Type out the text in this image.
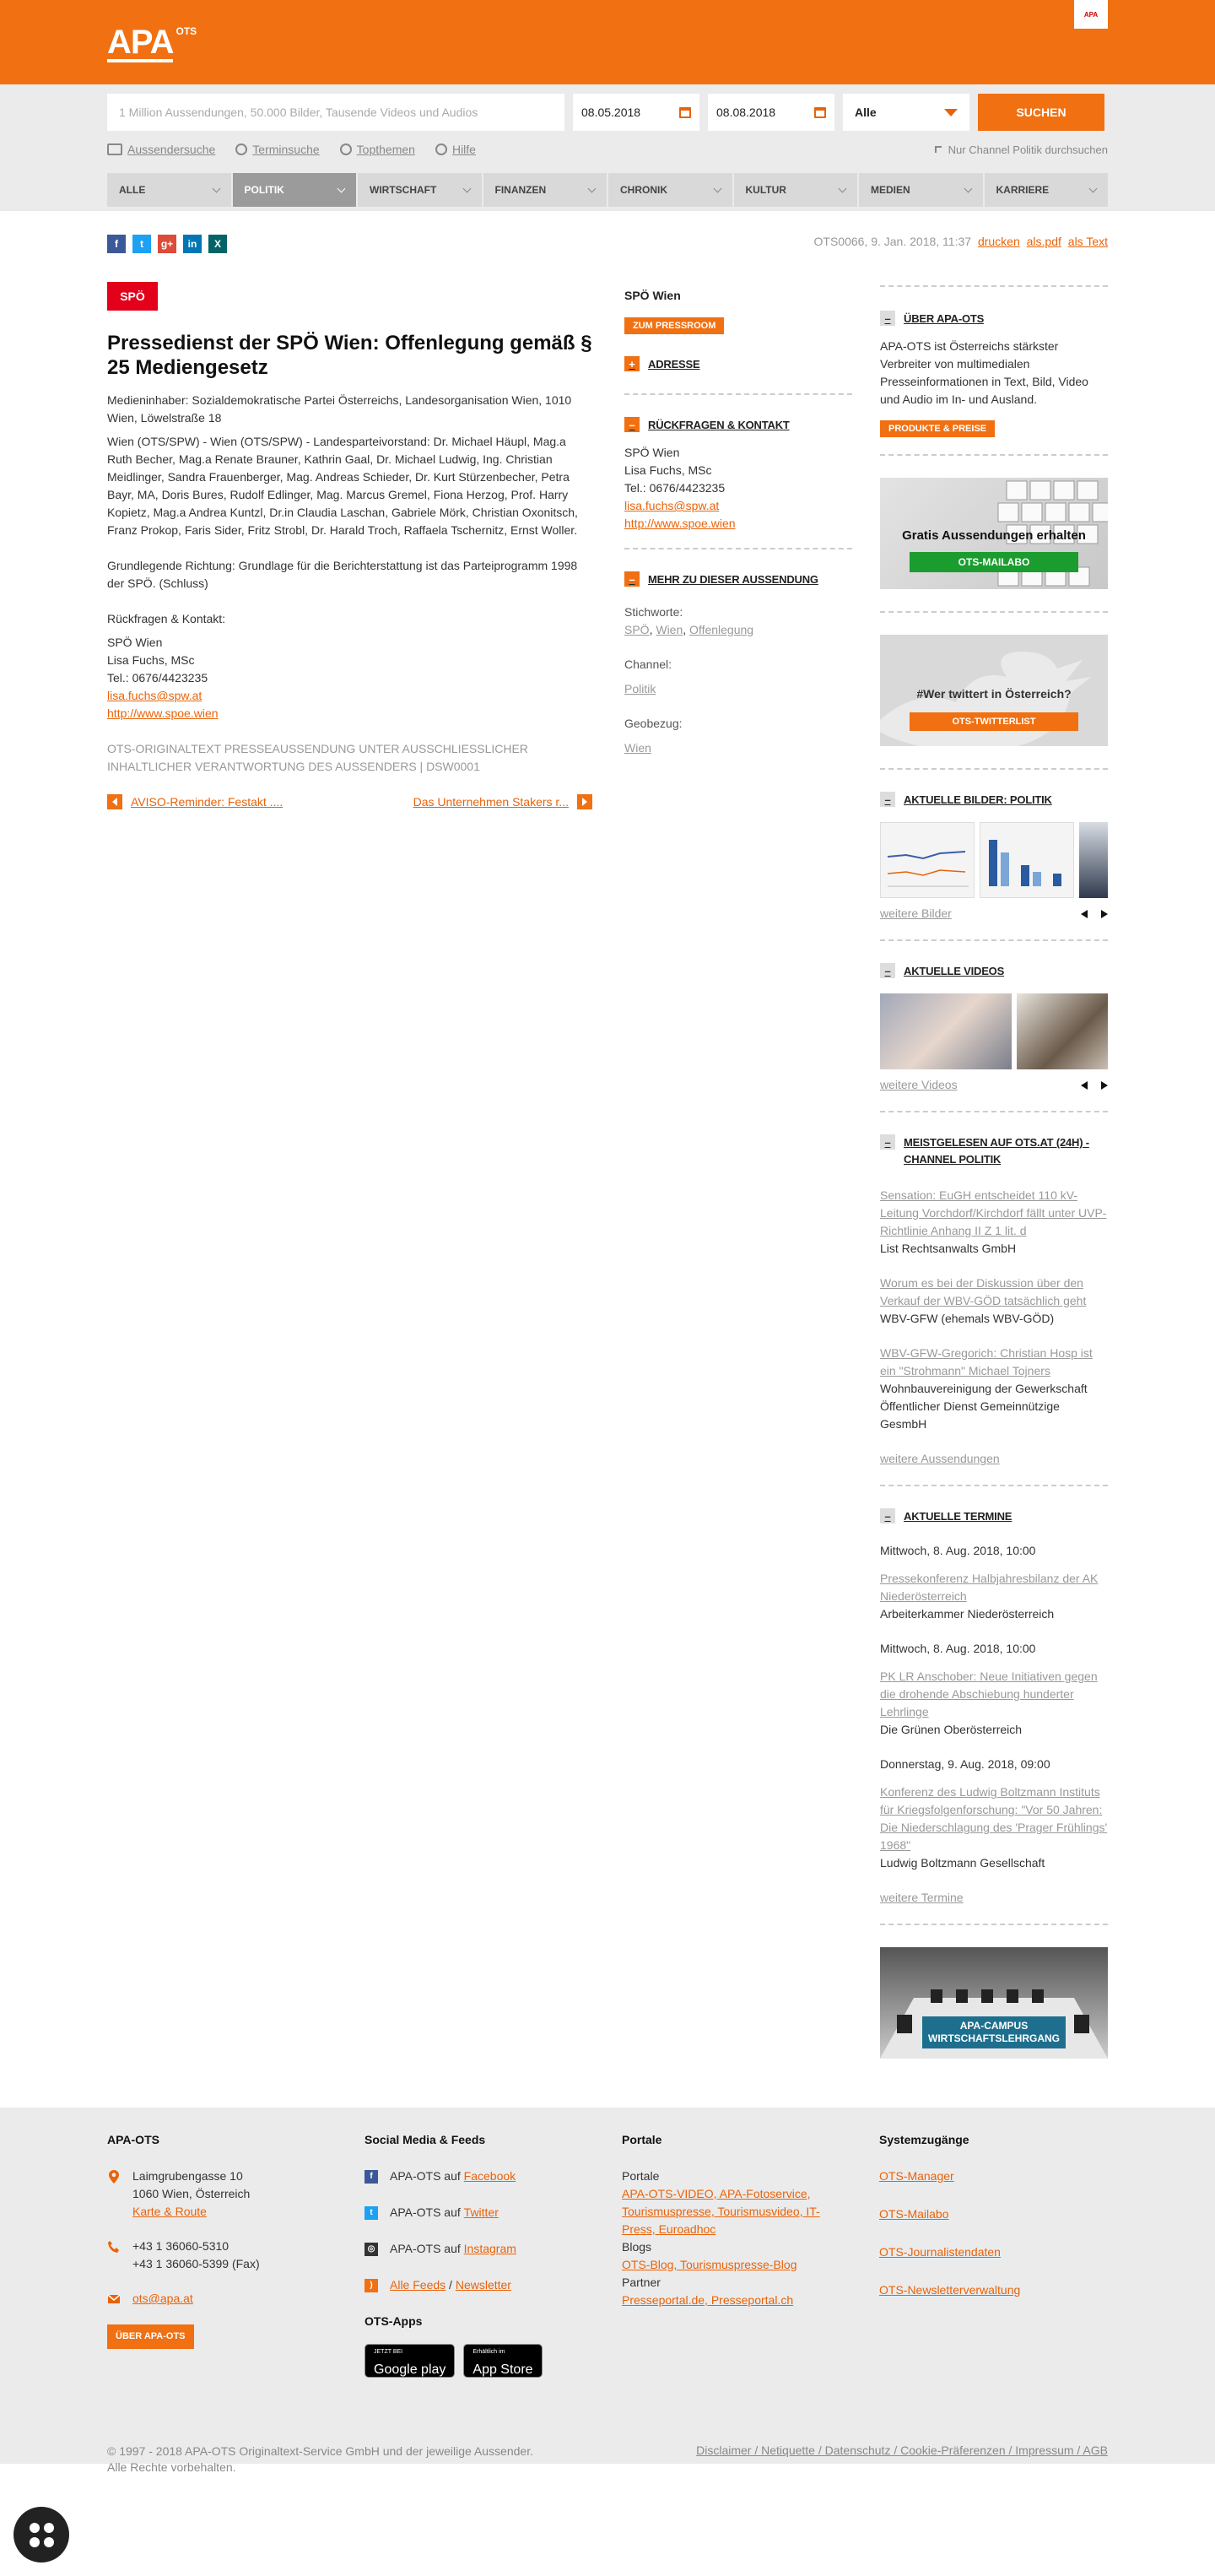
APA OTS
APA
1 Million Aussendungen, 50.000 Bilder, Tausende Videos und Audios	08.05.2018	08.08.2018	Alle	SUCHEN
Aussendersuche	Terminsuche	Topthemen	Hilfe	Nur Channel Politik durchsuchen
ALLE	POLITIK	WIRTSCHAFT	FINANZEN	CHRONIK	KULTUR	MEDIEN	KARRIERE
OTS0066, 9. Jan. 2018, 11:37 drucken als.pdf als Text
f	t	g+	in	X
SPÖ
Pressedienst der SPÖ Wien: Offenlegung gemäß § 25 Mediengesetz

Medieninhaber: Sozialdemokratische Partei Österreichs, Landesorganisation Wien, 1010 Wien, Löwelstraße 18

Wien (OTS/SPW) - Wien (OTS/SPW) - Landesparteivorstand: Dr. Michael Häupl, Mag.a Ruth Becher, Mag.a Renate Brauner, Kathrin Gaal, Dr. Michael Ludwig, Ing. Christian Meidlinger, Sandra Frauenberger, Mag. Andreas Schieder, Dr. Kurt Stürzenbecher, Petra Bayr, MA, Doris Bures, Rudolf Edlinger, Mag. Marcus Gremel, Fiona Herzog, Prof. Harry Kopietz, Mag.a Andrea Kuntzl, Dr.in Claudia Laschan, Gabriele Mörk, Christian Oxonitsch, Franz Prokop, Faris Sider, Fritz Strobl, Dr. Harald Troch, Raffaela Tschernitz, Ernst Woller.

Grundlegende Richtung: Grundlage für die Berichterstattung ist das Parteiprogramm 1998 der SPÖ. (Schluss)

Rückfragen & Kontakt:

SPÖ Wien

Lisa Fuchs, MSc

Tel.: 0676/4423235

lisa.fuchs@spw.at

http://www.spoe.wien

OTS-ORIGINALTEXT PRESSEAUSSENDUNG UNTER AUSSCHLIESSLICHER INHALTLICHER VERANTWORTUNG DES AUSSENDERS | DSW0001
AVISO-Reminder: Festakt ....	Das Unternehmen Stakers r...
SPÖ Wien
ZUM PRESSROOM
+	ADRESSE
–	RÜCKFRAGEN & KONTAKT
SPÖ Wien
Lisa Fuchs, MSc
Tel.: 0676/4423235
lisa.fuchs@spw.at
http://www.spoe.wien
–	MEHR ZU DIESER AUSSENDUNG
Stichworte:
SPÖ, Wien, Offenlegung
Channel:
Politik
Geobezug:
Wien
–	ÜBER APA-OTS
APA-OTS ist Österreichs stärkster Verbreiter von multimedialen Presseinformationen in Text, Bild, Video und Audio im In- und Ausland.
PRODUKTE & PREISE
Gratis Aussendungen erhalten
OTS-MAILABO
#Wer twittert in Österreich?
OTS-TWITTERLIST
–	AKTUELLE BILDER: POLITIK
weitere Bilder
–	AKTUELLE VIDEOS
weitere Videos
–	MEISTGELESEN AUF OTS.AT (24H) - CHANNEL POLITIK
Sensation: EuGH entscheidet 110 kV-Leitung Vorchdorf/Kirchdorf fällt unter UVP-Richtlinie Anhang II Z 1 lit. d
List Rechtsanwalts GmbH
Worum es bei der Diskussion über den Verkauf der WBV-GÖD tatsächlich geht
WBV-GFW (ehemals WBV-GÖD)
WBV-GFW-Gregorich: Christian Hosp ist ein "Strohmann" Michael Tojners
Wohnbauvereinigung der Gewerkschaft Öffentlicher Dienst Gemeinnützige GesmbH
weitere Aussendungen
–	AKTUELLE TERMINE
Mittwoch, 8. Aug. 2018, 10:00
Pressekonferenz Halbjahresbilanz der AK Niederösterreich
Arbeiterkammer Niederösterreich
Mittwoch, 8. Aug. 2018, 10:00
PK LR Anschober: Neue Initiativen gegen die drohende Abschiebung hunderter Lehrlinge
Die Grünen Oberösterreich
Donnerstag, 9. Aug. 2018, 09:00
Konferenz des Ludwig Boltzmann Instituts für Kriegsfolgenforschung: "Vor 50 Jahren: Die Niederschlagung des 'Prager Frühlings' 1968"
Ludwig Boltzmann Gesellschaft
weitere Termine
APA-CAMPUS
WIRTSCHAFTSLEHRGANG
APA-OTS
Laimgrubengasse 10
1060 Wien, Österreich
Karte & Route
+43 1 36060-5310
+43 1 36060-5399 (Fax)
ots@apa.at
ÜBER APA-OTS
Social Media & Feeds
f	APA-OTS auf
Facebook
t	APA-OTS auf
Twitter
◎ APA-OTS auf
Instagram
)	Alle Feeds / Newsletter
OTS-Apps
JETZT BEI
Google play
Erhältlich im
App Store
Portale
Portale
APA-OTS-VIDEO, APA-Fotoservice, Tourismuspresse, Tourismusvideo, IT-Press, Euroadhoc
Blogs
OTS-Blog, Tourismuspresse-Blog
Partner
Presseportal.de, Presseportal.ch
Systemzugänge
OTS-Manager
OTS-Mailabo
OTS-Journalistendaten
OTS-Newsletterverwaltung
© 1997 - 2018 APA-OTS Originaltext-Service GmbH und der jeweilige Aussender.
Alle Rechte vorbehalten.
Disclaimer / Netiquette / Datenschutz / Cookie-Präferenzen / Impressum / AGB
